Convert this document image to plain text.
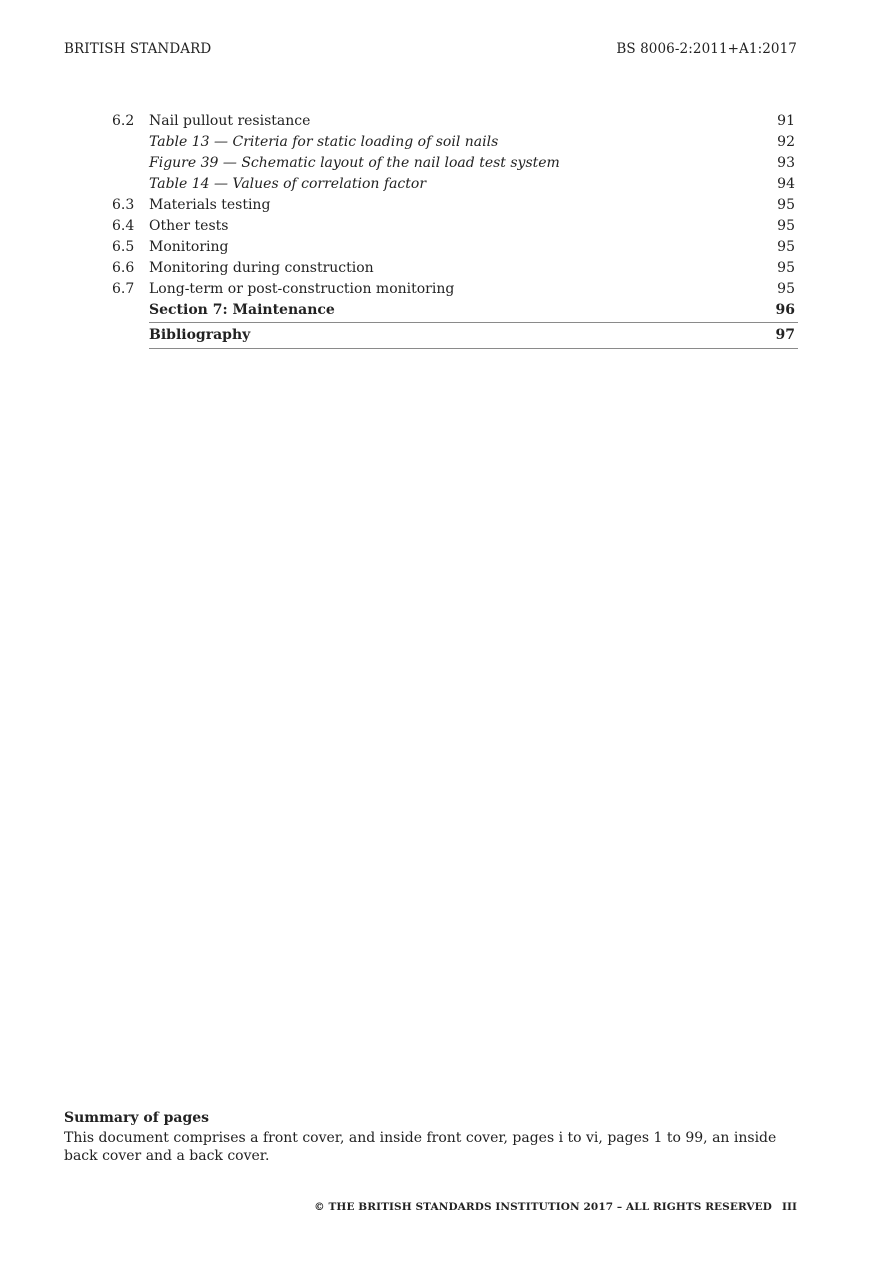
BRITISH STANDARD	BS 8006-2:2011+A1:2017
6.2 Nail pullout resistance	91
Table 13 — Criteria for static loading of soil nails	92
Figure 39 — Schematic layout of the nail load test system	93
Table 14 — Values of correlation factor	94
6.3 Materials testing	95
6.4 Other tests	95
6.5 Monitoring	95
6.6 Monitoring during construction	95
6.7 Long-term or post-construction monitoring	95
Section 7: Maintenance	96
Bibliography	97
Summary of pages
This document comprises a front cover, and inside front cover, pages i to vi, pages 1 to 99, an inside back cover and a back cover.
© THE BRITISH STANDARDS INSTITUTION 2017 – ALL RIGHTS RESERVED III
